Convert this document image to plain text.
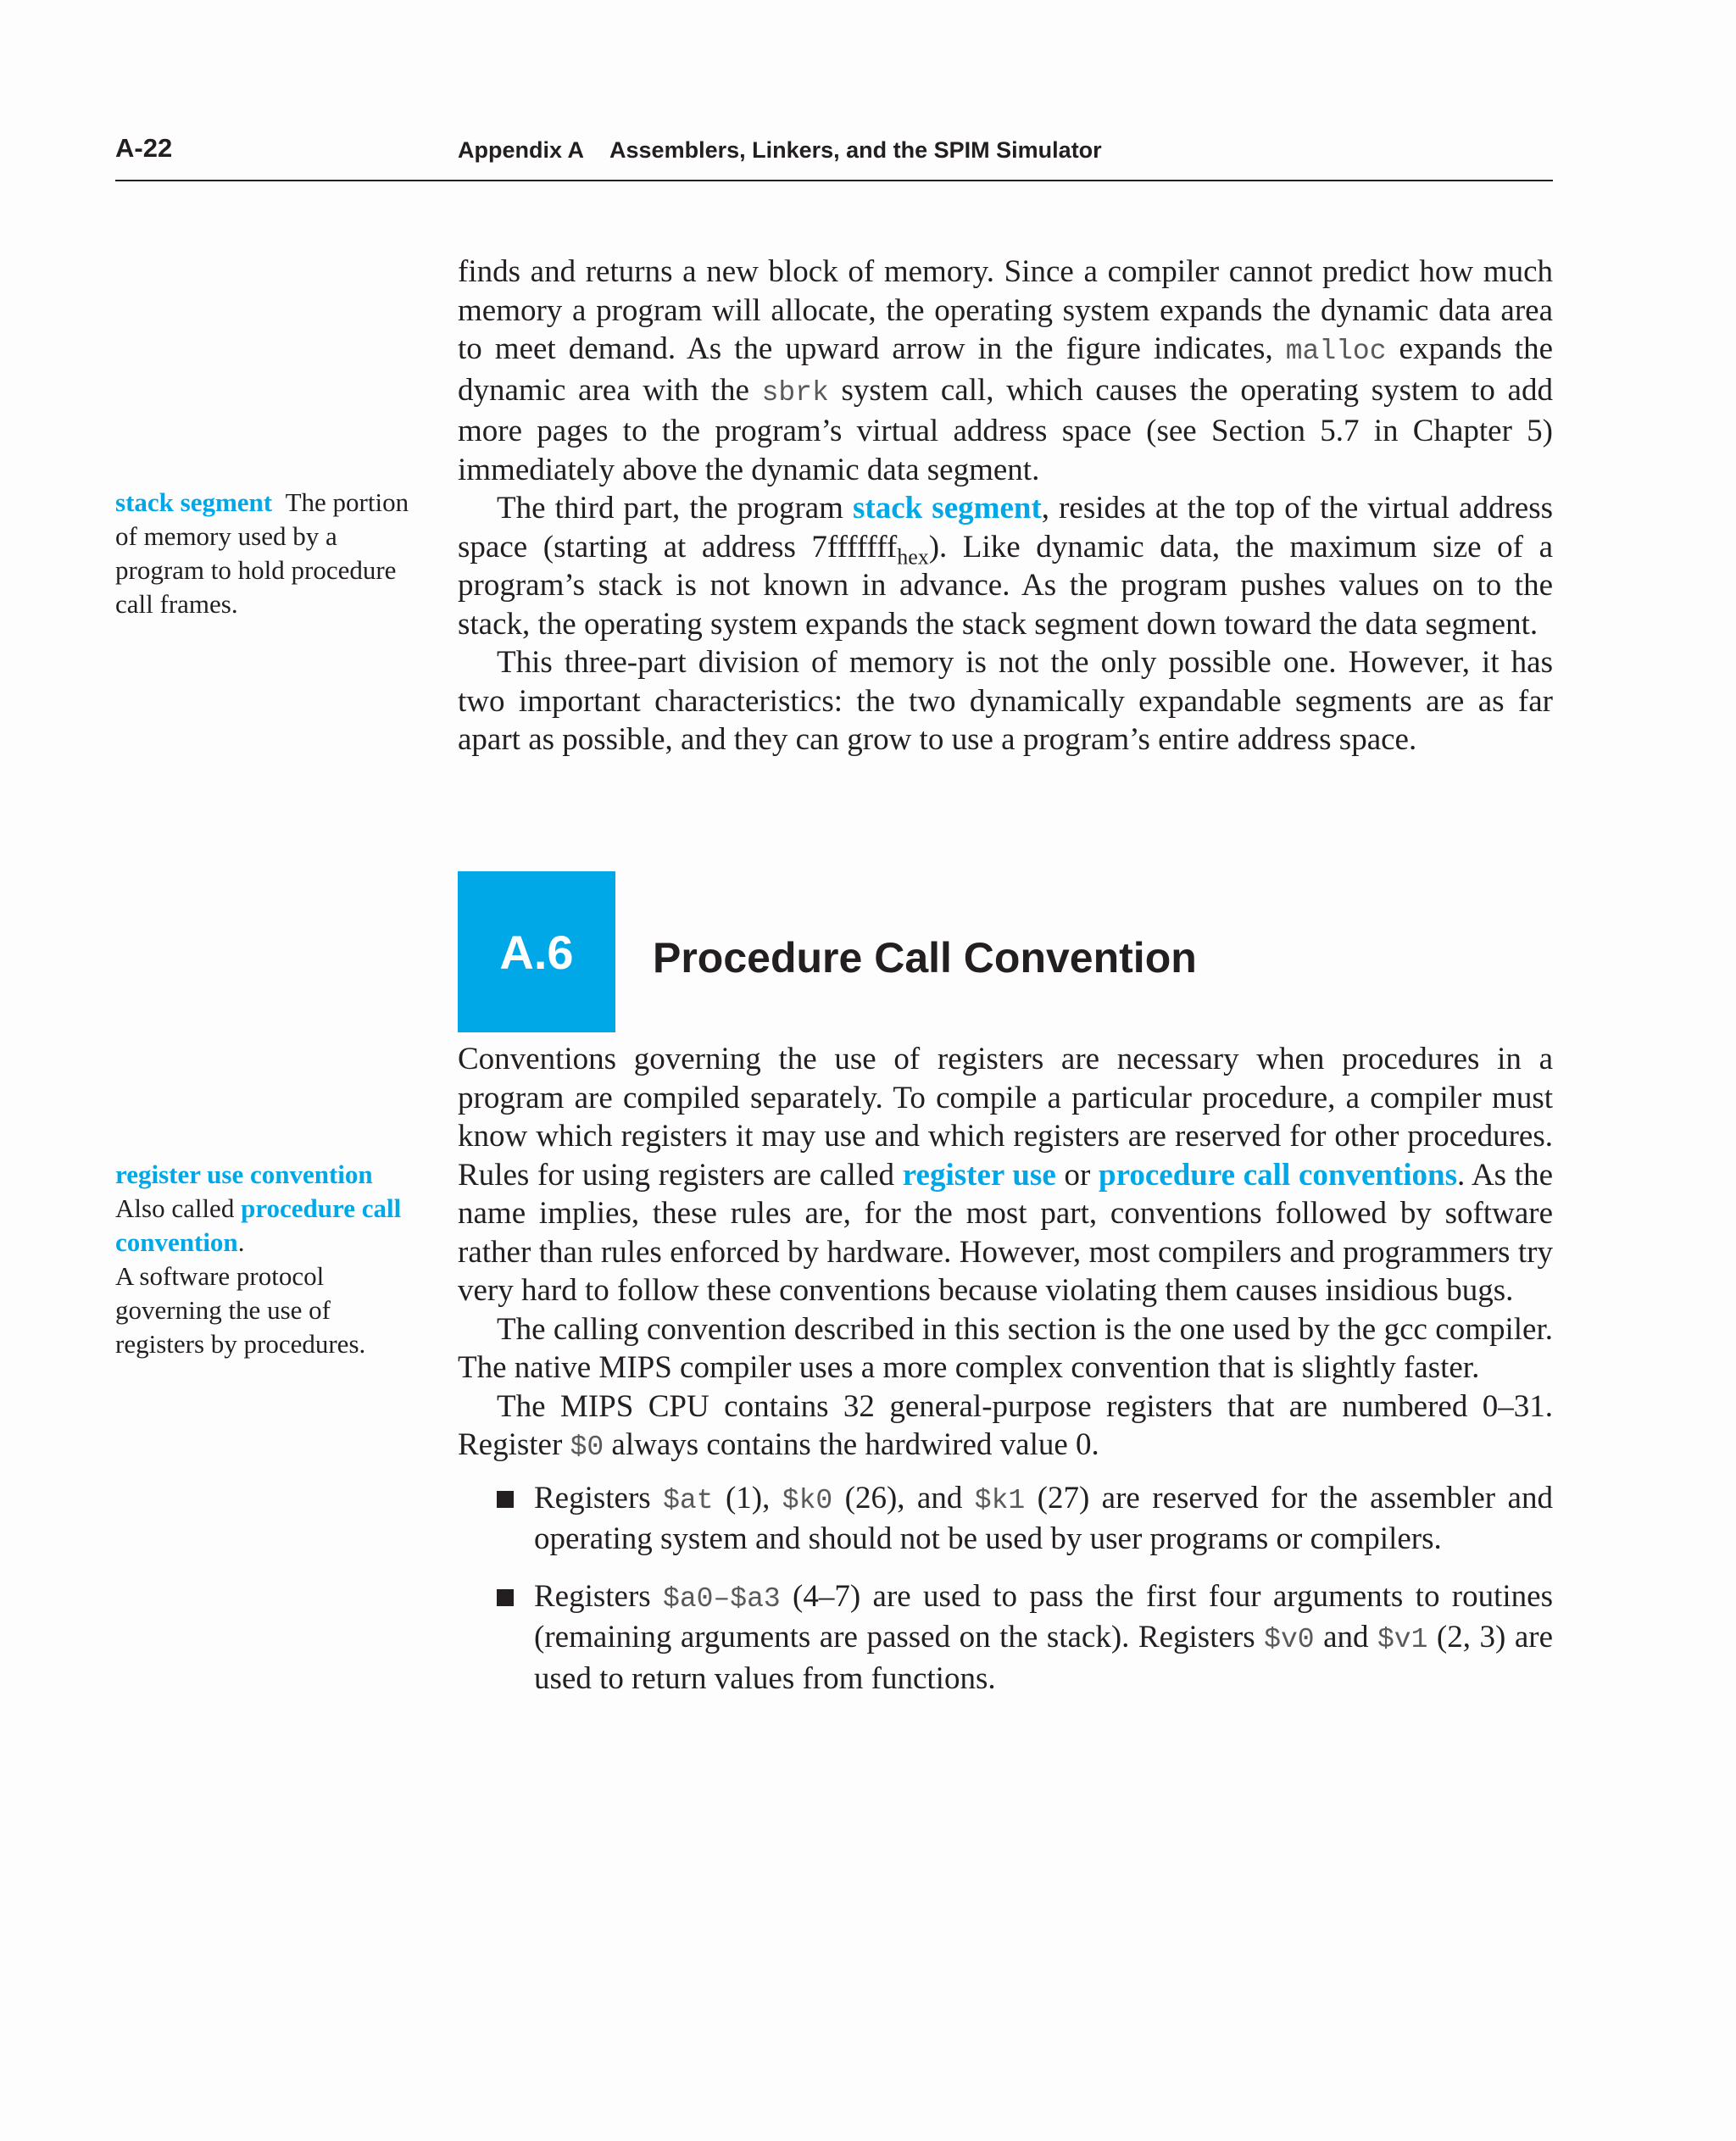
A-22	Appendix A Assemblers, Linkers, and the SPIM Simulator

finds and returns a new block of memory. Since a compiler cannot predict how much memory a program will allocate, the operating system expands the dynamic data area to meet demand. As the upward arrow in the figure indicates, malloc expands the dynamic area with the sbrk system call, which causes the operating system to add more pages to the program’s virtual address space (see Section 5.7 in Chapter 5) immediately above the dynamic data segment.

The third part, the program stack segment, resides at the top of the virtual address space (starting at address 7fffffff$_{hex}$). Like dynamic data, the maximum size of a program’s stack is not known in advance. As the program pushes values on to the stack, the operating system expands the stack segment down toward the data segment.

This three-part division of memory is not the only possible one. However, it has two important characteristics: the two dynamically expandable segments are as far apart as possible, and they can grow to use a program’s entire address space.

stack segment The portion of memory used by a program to hold procedure call frames.
A.6 Procedure Call Convention

Conventions governing the use of registers are necessary when procedures in a program are compiled separately. To compile a particular procedure, a compiler must know which registers it may use and which registers are reserved for other procedures. Rules for using registers are called register use or procedure call conventions. As the name implies, these rules are, for the most part, conventions followed by software rather than rules enforced by hardware. However, most compilers and programmers try very hard to follow these conventions because violating them causes insidious bugs.

The calling convention described in this section is the one used by the gcc compiler. The native MIPS compiler uses a more complex convention that is slightly faster.

The MIPS CPU contains 32 general-purpose registers that are numbered 0–31. Register $0 always contains the hardwired value 0.

Registers $at (1), $k0 (26), and $k1 (27) are reserved for the assembler and operating system and should not be used by user programs or compilers.
Registers $a0–$a3 (4–7) are used to pass the first four arguments to routines (remaining arguments are passed on the stack). Registers $v0 and $v1 (2, 3) are used to return values from functions.
register use convention
Also called procedure call convention.
A software protocol governing the use of registers by procedures.
